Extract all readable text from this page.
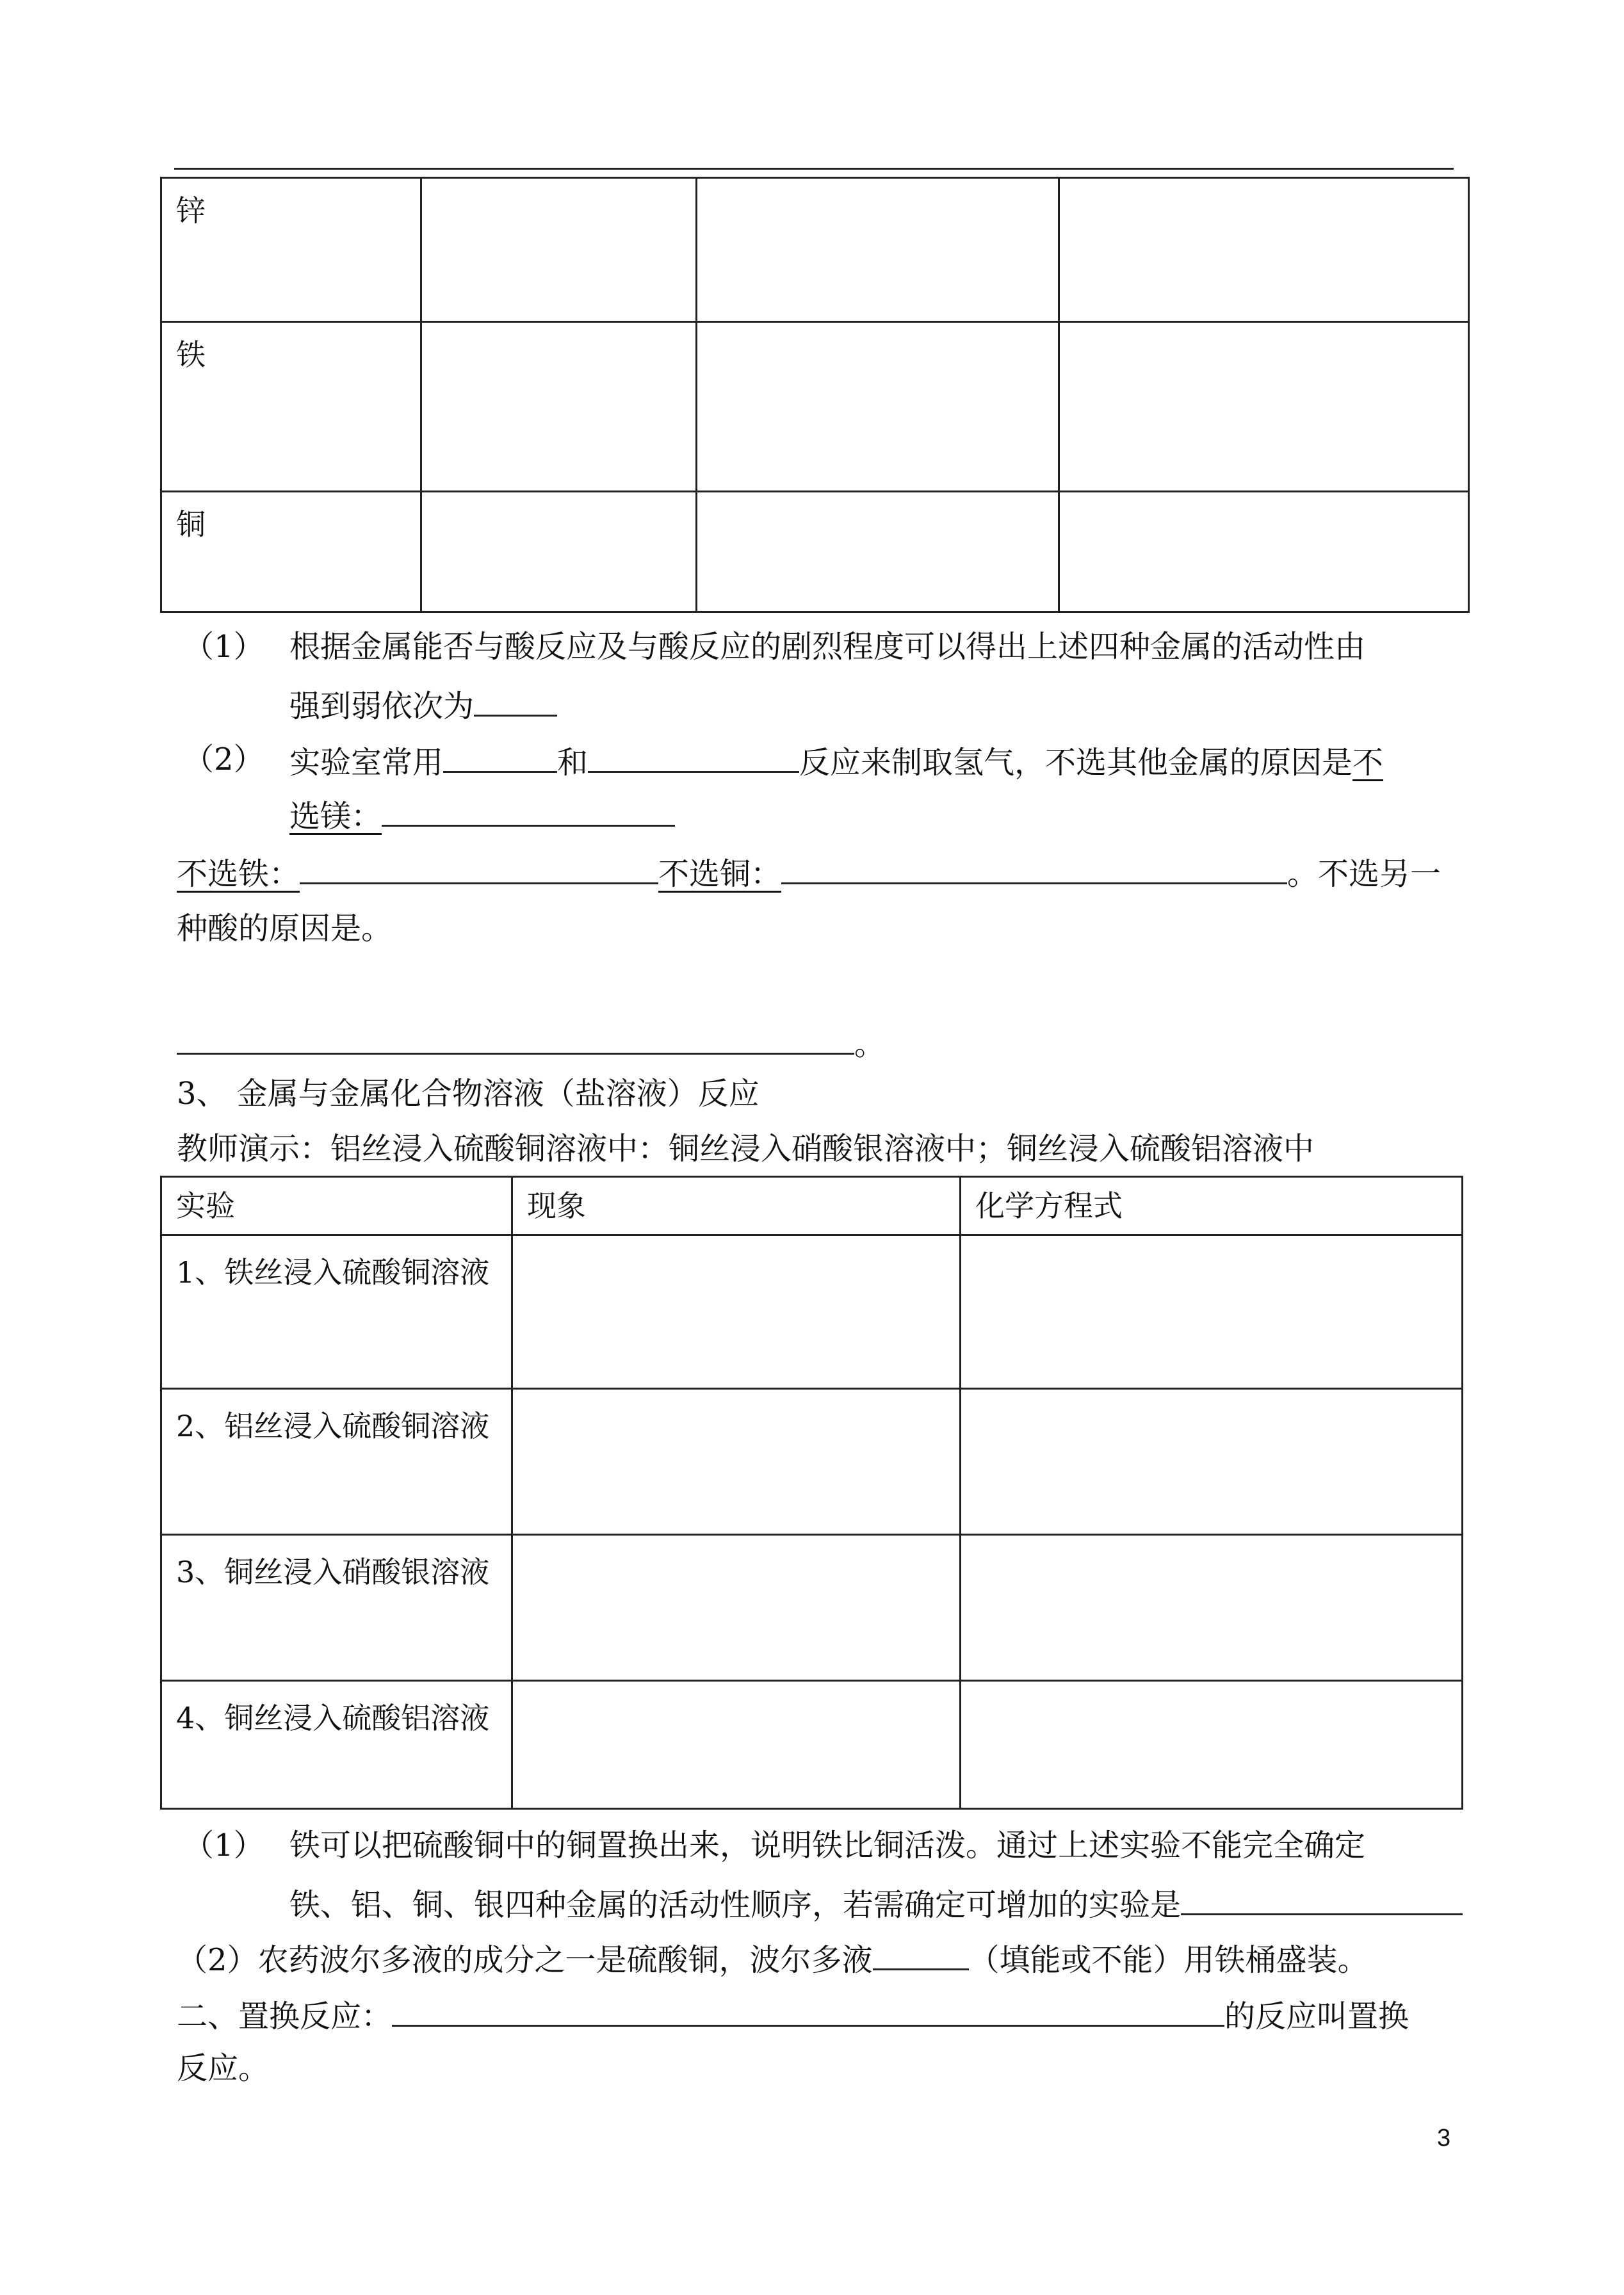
锌			
铁			
铜			
（1） 根据金属能否与酸反应及与酸反应的剧烈程度可以得出上述四种金属的活动性由
强到弱依次为
（2） 实验室常用	和	反应来制取氢气，不选其他金属的原因是不
选镁：
不选铁：	不选铜：	。不选另一
种酸的原因是。
。
3、 金属与金属化合物溶液（盐溶液）反应
教师演示：铝丝浸入硫酸铜溶液中：铜丝浸入硝酸银溶液中；铜丝浸入硫酸铝溶液中
实验	现象	化学方程式
1、铁丝浸入硫酸铜溶液		
2、铝丝浸入硫酸铜溶液		
3、铜丝浸入硝酸银溶液		
4、铜丝浸入硫酸铝溶液		
（1） 铁可以把硫酸铜中的铜置换出来，说明铁比铜活泼。通过上述实验不能完全确定
铁、铝、铜、银四种金属的活动性顺序，若需确定可增加的实验是
（2）农药波尔多液的成分之一是硫酸铜，波尔多液	（填能或不能）用铁桶盛装。
二、置换反应：	的反应叫置换
反应。
3
